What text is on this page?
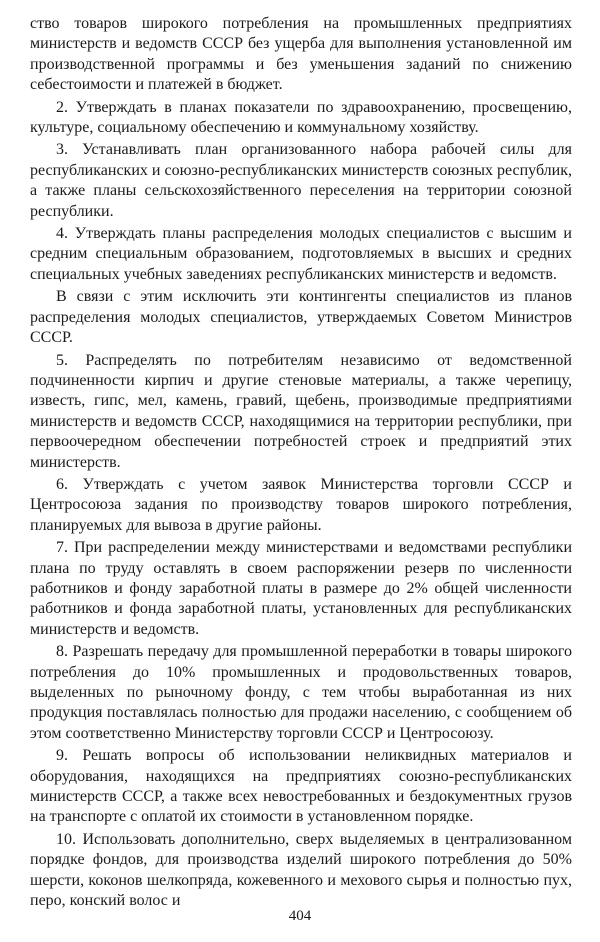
ство товаров широкого потребления на промышленных предприятиях министерств и ведомств СССР без ущерба для выполнения установленной им производственной программы и без уменьшения заданий по снижению себестоимости и платежей в бюджет.

2. Утверждать в планах показатели по здравоохранению, просвещению, культуре, социальному обеспечению и коммунальному хозяйству.

3. Устанавливать план организованного набора рабочей силы для республиканских и союзно-республиканских министерств союзных республик, а также планы сельскохозяйственного переселения на территории союзной республики.

4. Утверждать планы распределения молодых специалистов с высшим и средним специальным образованием, подготовляемых в высших и средних специальных учебных заведениях республиканских министерств и ведомств.

В связи с этим исключить эти контингенты специалистов из планов распределения молодых специалистов, утверждаемых Советом Министров СССР.

5. Распределять по потребителям независимо от ведомственной подчиненности кирпич и другие стеновые материалы, а также черепицу, известь, гипс, мел, камень, гравий, щебень, производимые предприятиями министерств и ведомств СССР, находящимися на территории республики, при первоочередном обеспечении потребностей строек и предприятий этих министерств.

6. Утверждать с учетом заявок Министерства торговли СССР и Центросоюза задания по производству товаров широкого потребления, планируемых для вывоза в другие районы.

7. При распределении между министерствами и ведомствами республики плана по труду оставлять в своем распоряжении резерв по численности работников и фонду заработной платы в размере до 2% общей численности работников и фонда заработной платы, установленных для республиканских министерств и ведомств.

8. Разрешать передачу для промышленной переработки в товары широкого потребления до 10% промышленных и продовольственных товаров, выделенных по рыночному фонду, с тем чтобы выработанная из них продукция поставлялась полностью для продажи населению, с сообщением об этом соответственно Министерству торговли СССР и Центросоюзу.

9. Решать вопросы об использовании неликвидных материалов и оборудования, находящихся на предприятиях союзно-республиканских министерств СССР, а также всех невостребованных и бездокументных грузов на транспорте с оплатой их стоимости в установленном порядке.

10. Использовать дополнительно, сверх выделяемых в централизованном порядке фондов, для производства изделий широкого потребления до 50% шерсти, коконов шелкопряда, кожевенного и мехового сырья и полностью пух, перо, конский волос и

404
